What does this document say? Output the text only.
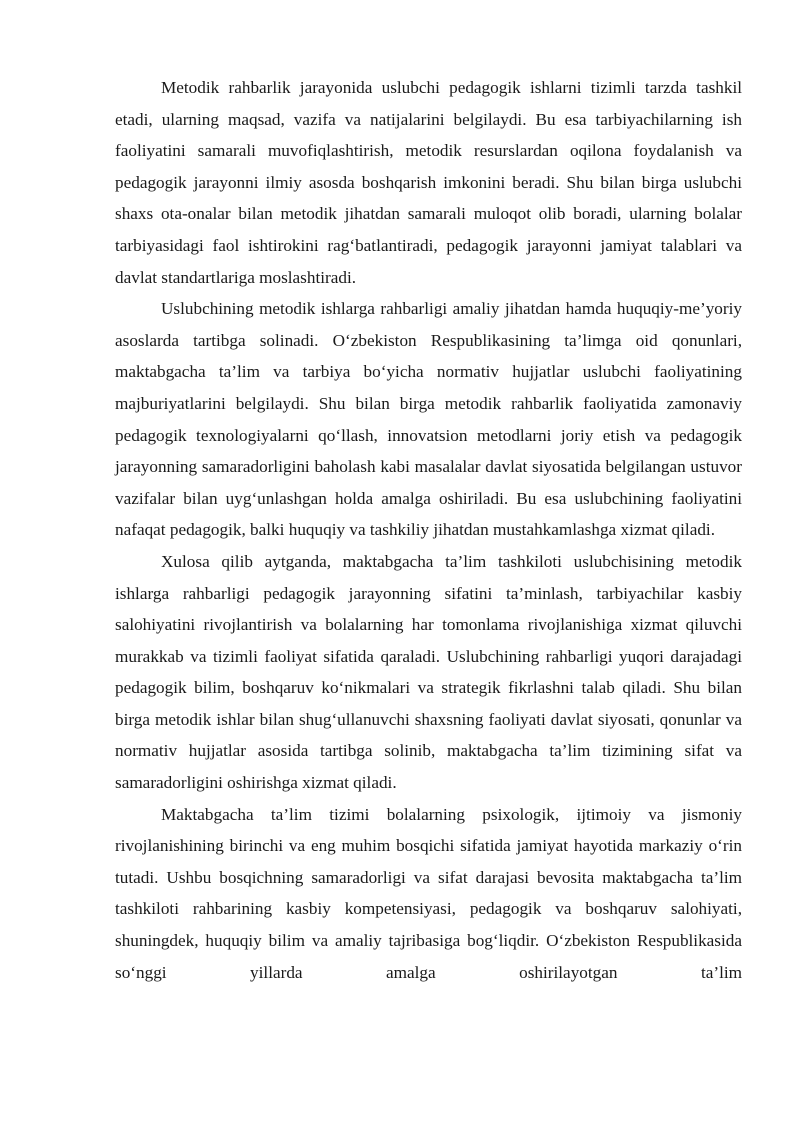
Metodik rahbarlik jarayonida uslubchi pedagogik ishlarni tizimli tarzda tashkil etadi, ularning maqsad, vazifa va natijalarini belgilaydi. Bu esa tarbiyachilarning ish faoliyatini samarali muvofiqlashtirish, metodik resurslardan oqilona foydalanish va pedagogik jarayonni ilmiy asosda boshqarish imkonini beradi. Shu bilan birga uslubchi shaxs ota-onalar bilan metodik jihatdan samarali muloqot olib boradi, ularning bolalar tarbiyasidagi faol ishtirokini rag‘batlantiradi, pedagogik jarayonni jamiyat talablari va davlat standartlariga moslashtiradi.

Uslubchining metodik ishlarga rahbarligi amaliy jihatdan hamda huquqiy-me’yoriy asoslarda tartibga solinadi. O‘zbekiston Respublikasining ta’limga oid qonunlari, maktabgacha ta’lim va tarbiya bo‘yicha normativ hujjatlar uslubchi faoliyatining majburiyatlarini belgilaydi. Shu bilan birga metodik rahbarlik faoliyatida zamonaviy pedagogik texnologiyalarni qo‘llash, innovatsion metodlarni joriy etish va pedagogik jarayonning samaradorligini baholash kabi masalalar davlat siyosatida belgilangan ustuvor vazifalar bilan uyg‘unlashgan holda amalga oshiriladi. Bu esa uslubchining faoliyatini nafaqat pedagogik, balki huquqiy va tashkiliy jihatdan mustahkamlashga xizmat qiladi.

Xulosa qilib aytganda, maktabgacha ta’lim tashkiloti uslubchisining metodik ishlarga rahbarligi pedagogik jarayonning sifatini ta’minlash, tarbiyachilar kasbiy salohiyatini rivojlantirish va bolalarning har tomonlama rivojlanishiga xizmat qiluvchi murakkab va tizimli faoliyat sifatida qaraladi. Uslubchining rahbarligi yuqori darajadagi pedagogik bilim, boshqaruv ko‘nikmalari va strategik fikrlashni talab qiladi. Shu bilan birga metodik ishlar bilan shug‘ullanuvchi shaxsning faoliyati davlat siyosati, qonunlar va normativ hujjatlar asosida tartibga solinib, maktabgacha ta’lim tizimining sifat va samaradorligini oshirishga xizmat qiladi.

Maktabgacha ta’lim tizimi bolalarning psixologik, ijtimoiy va jismoniy rivojlanishining birinchi va eng muhim bosqichi sifatida jamiyat hayotida markaziy o‘rin tutadi. Ushbu bosqichning samaradorligi va sifat darajasi bevosita maktabgacha ta’lim tashkiloti rahbarining kasbiy kompetensiyasi, pedagogik va boshqaruv salohiyati, shuningdek, huquqiy bilim va amaliy tajribasiga bog‘liqdir. O‘zbekiston Respublikasida so‘nggi yillarda amalga oshirilayotgan ta’lim
